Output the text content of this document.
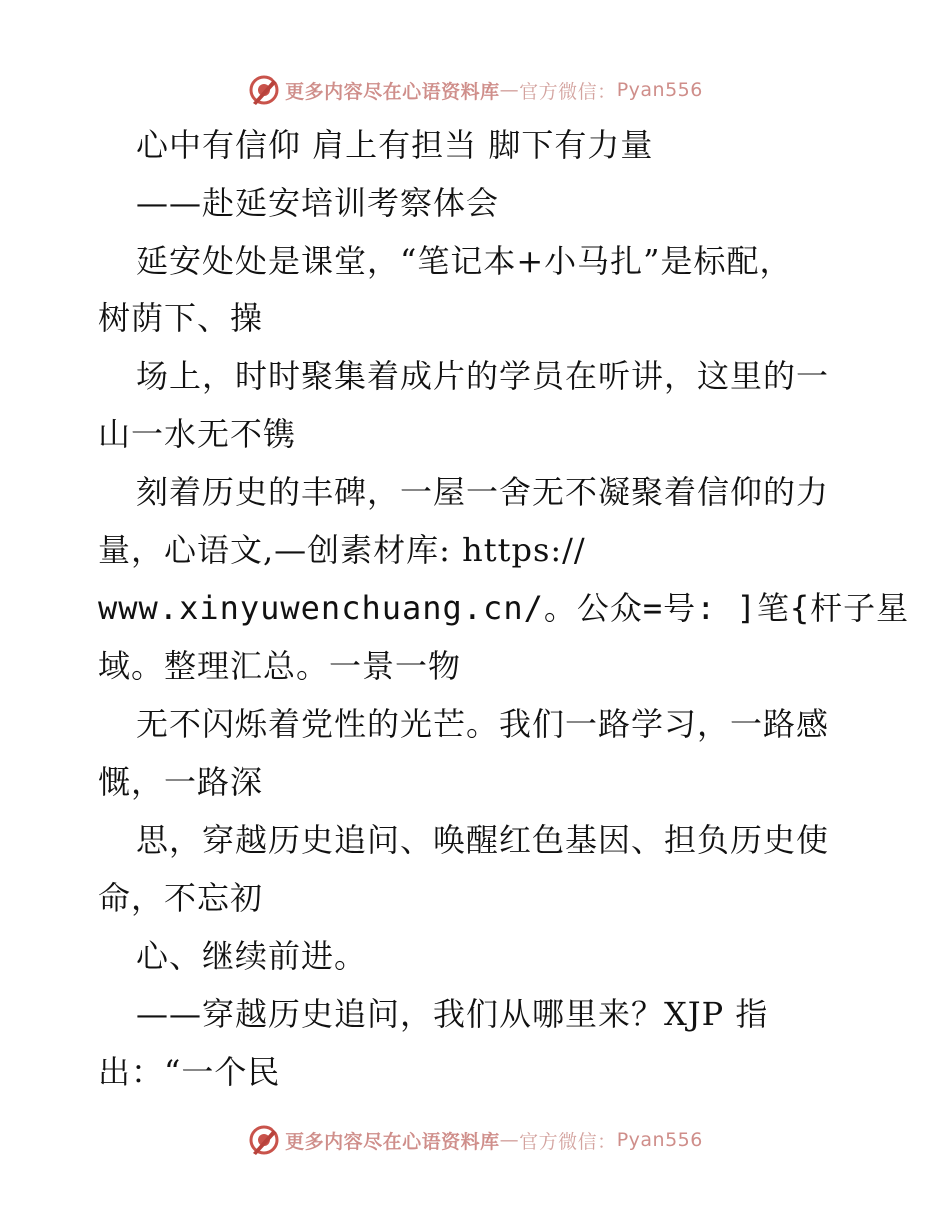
更多内容尽在心语资料库 — 官方微信： Pyan556
心中有信仰 肩上有担当 脚下有力量
——赴延安培训考察体会
延安处处是课堂，“笔记本+小马扎”是标配，
树荫下、操
场上，时时聚集着成片的学员在听讲，这里的一
山一水无不镌
刻着历史的丰碑，一屋一舍无不凝聚着信仰的力
量，心语文,—创素材库: https://
www.xinyuwenchuang.cn/。公众=号: ]笔{杆子星
域。整理汇总。一景一物
无不闪烁着党性的光芒。我们一路学习，一路感
慨，一路深
思，穿越历史追问、唤醒红色基因、担负历史使
命，不忘初
心、继续前进。
——穿越历史追问，我们从哪里来？XJP 指
出：“一个民
更多内容尽在心语资料库 — 官方微信： Pyan556
